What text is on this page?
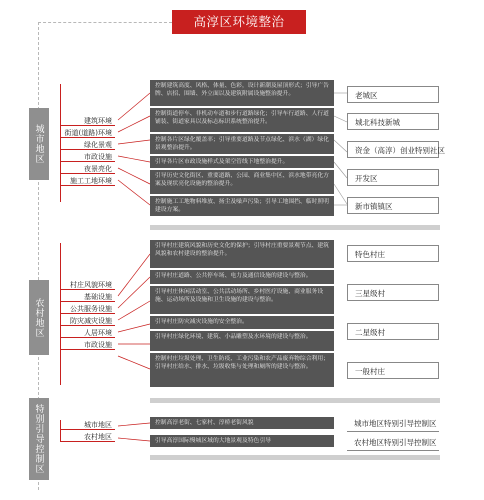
高淳区环境整治
城市地区
建筑环境
街道(道路)环境
绿化景观
市政设施
夜景亮化
施工工地环境
控制建筑高度、风格、体量、色彩，设计新潮及屋顶形式；引导广告牌、店招、围墙、外立面以及建筑附属设施整治提升。
控制街道停车、非机动车道和步行道路绿化；引导车行道路、人行道铺装、街道家具以及标志标识系统整治提升。
控制各片区绿化覆盖率；引导重要道路及节点绿化、滨水（湖）绿化景观整治提升。
引导各片区市政设施样式及架空管线下地整治提升。
引导历史文化街区、重要道路、公园、商业集中区、滨水地带亮化方案及现状亮化设施的整治提升。
控制施工工地物料堆放、扬尘及噪声污染；引导工地围挡、临时照明建设方案。
老城区
城北科技新城
资金（高淳）创业特别社区
开发区
新市镇镇区
农村地区
村庄风貌环境
基础设施
公共服务设施
防灾减灾设施
人居环境
市政设施
引导村庄建筑风貌和历史文化的保护；引导村庄重要景观节点、建筑风貌和农村建设的整治提升。
引导村庄道路、公共停车场、电力及通信设施的建设与整治。
引导村庄休闲活动室、公共活动场所、乡村医疗设施、商业服务设施、运动场所及设施和卫生设施的建设与整治。
引导村庄防灾减灾设施的安全整治。
引导村庄绿化环境、建筑、小品雕塑及水环境的建设与整治。
控制村庄垃圾处理、卫生防疫、工业污染和农产品废弃物综合利用；引导村庄给水、排水、垃圾收集与处理和厕所的建设与整治。
特色村庄
三星级村
二星级村
一般村庄
特别引导控制区	城市地区
农村地区
控制高淳老街、七家村、淳桥老街风貌
引导高淳国际慢城区域的大地景观及特色引导
城市地区特别引导控制区
农村地区特别引导控制区
